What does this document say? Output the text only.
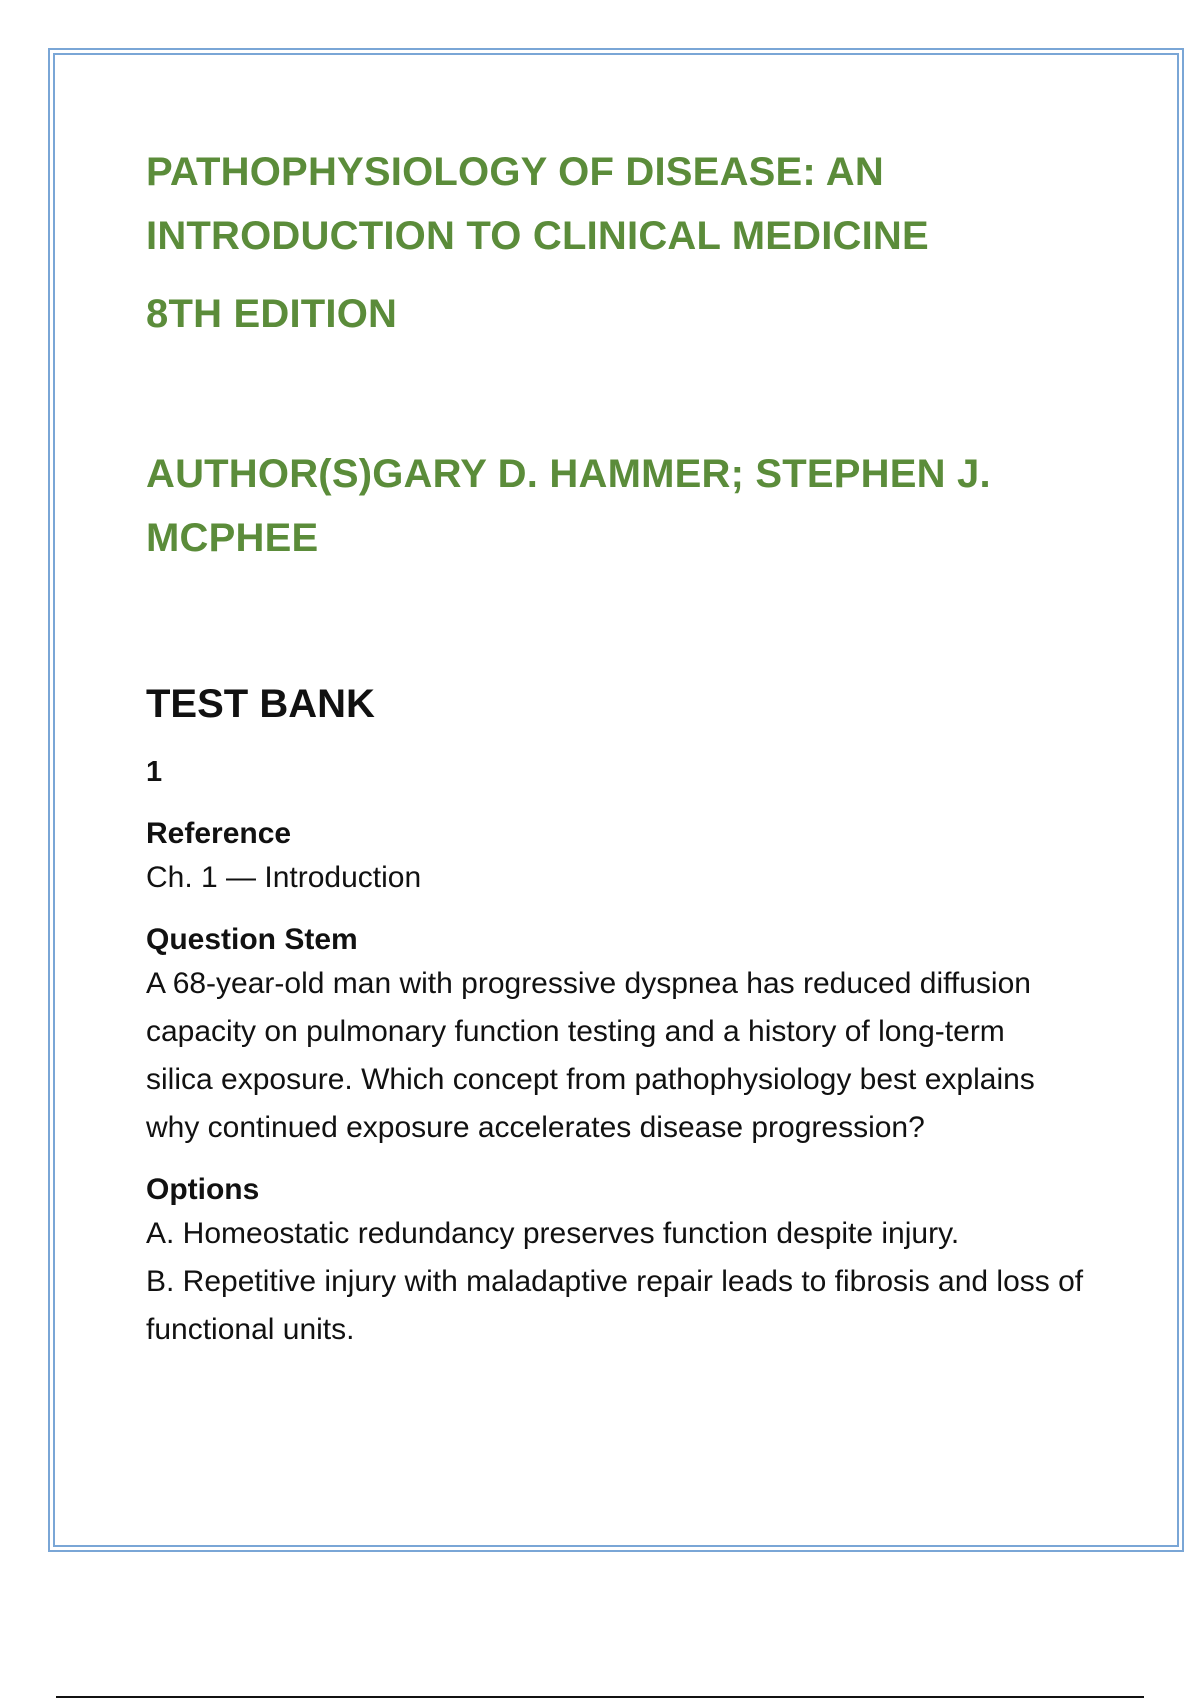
PATHOPHYSIOLOGY OF DISEASE: AN
INTRODUCTION TO CLINICAL MEDICINE
8TH EDITION
AUTHOR(S)GARY D. HAMMER; STEPHEN J.
MCPHEE
TEST BANK
1
Reference
Ch. 1 — Introduction
Question Stem
A 68-year-old man with progressive dyspnea has reduced diffusion capacity on pulmonary function testing and a history of long-term silica exposure. Which concept from pathophysiology best explains why continued exposure accelerates disease progression?
Options
A. Homeostatic redundancy preserves function despite injury.
B. Repetitive injury with maladaptive repair leads to fibrosis and loss of functional units.
